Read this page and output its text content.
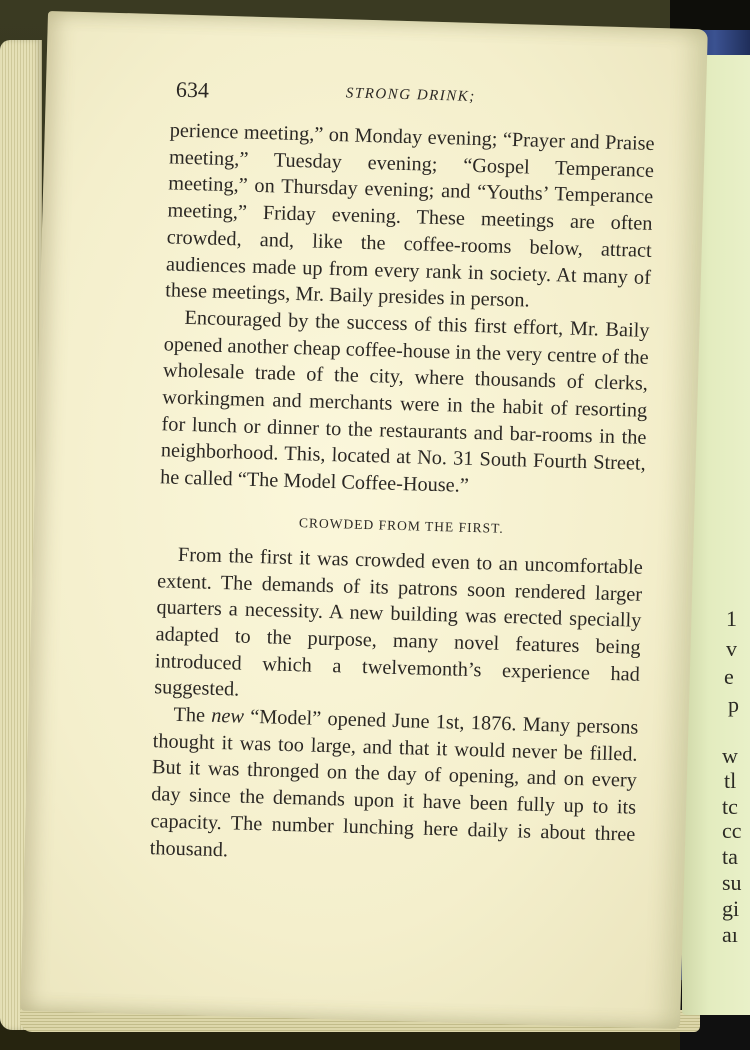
1
v
e
p
w
tl
tc
cc
ta
su
gi
aı
634	STRONG DRINK;

perience meeting,” on Monday evening; “Prayer and Praise meeting,” Tuesday evening; “Gospel Temperance meeting,” on Thursday evening; and “Youths’ Temperance meeting,” Friday evening. These meetings are often crowded, and, like the coffee-rooms below, attract audiences made up from every rank in society. At many of these meetings, Mr. Baily presides in person.

Encouraged by the success of this first effort, Mr. Baily opened another cheap coffee-house in the very centre of the wholesale trade of the city, where thousands of clerks, workingmen and merchants were in the habit of resorting for lunch or dinner to the restaurants and bar-rooms in the neighborhood. This, located at No. 31 South Fourth Street, he called “The Model Coffee-House.”

CROWDED FROM THE FIRST.

From the first it was crowded even to an uncomfortable extent. The demands of its patrons soon rendered larger quarters a necessity. A new building was erected specially adapted to the purpose, many novel features being introduced which a twelvemonth’s experience had suggested.

The new “Model” opened June 1st, 1876. Many persons thought it was too large, and that it would never be filled. But it was thronged on the day of opening, and on every day since the demands upon it have been fully up to its capacity. The number lunching here daily is about three thousand.
